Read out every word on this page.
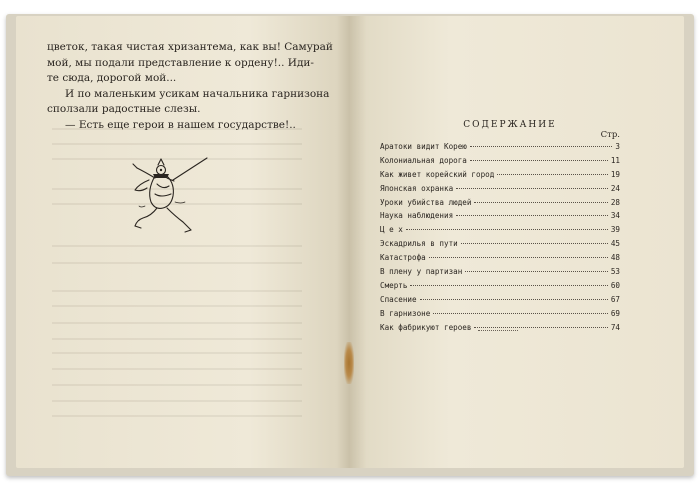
цветок, такая чистая хризантема, как вы! Самурай
мой, мы подали представление к ордену!.. Иди-
те сюда, дорогой мой...
И по маленьким усикам начальника гарнизона
сползали радостные слезы.
— Есть еще герои в нашем государстве!..	СОДЕРЖАНИЕ
Стр.
Аратоки видит Корею	3
Колониальная дорога	11
Как живет корейский город	19
Японская охранка	24
Уроки убийства людей	28
Наука наблюдения	34
Ц е х	39
Эскадрилья в пути	45
Катастрофа	48
В плену у партизан	53
Смерть	60
Спасение	67
В гарнизоне	69
Как фабрикуют героев	74
